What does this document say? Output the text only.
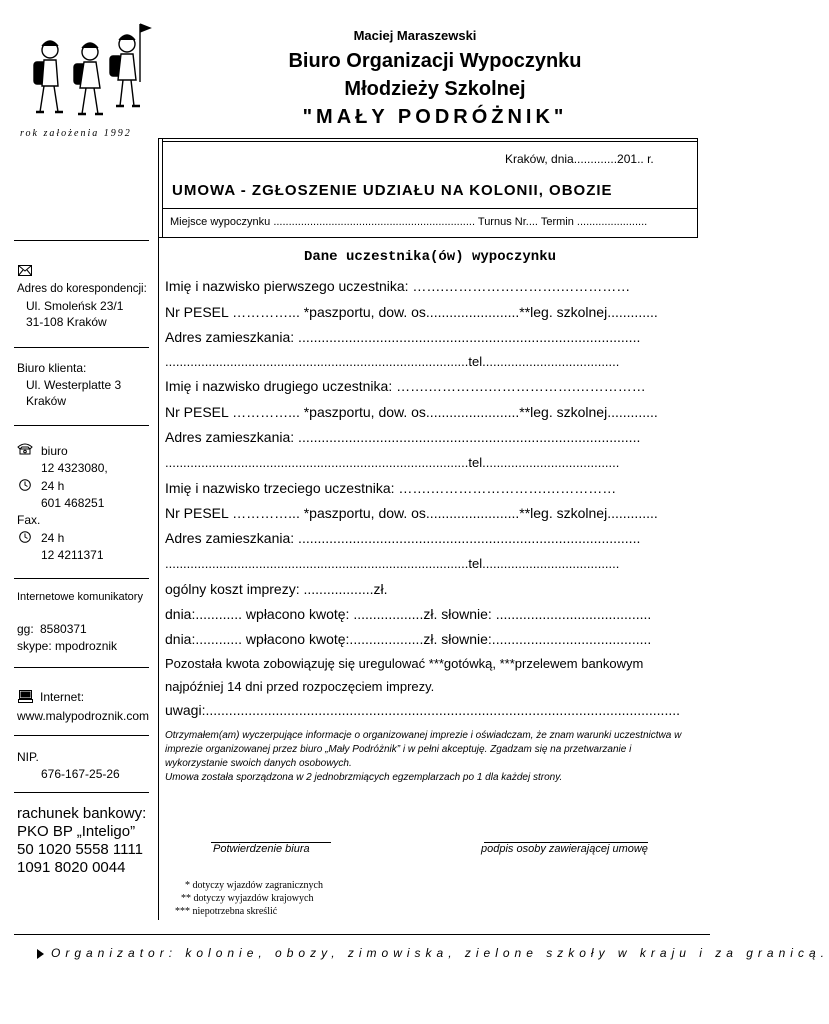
Maciej Maraszewski
Biuro Organizacji Wypoczynku
Młodzieży Szkolnej
"MAŁY PODRÓŻNIK"
rok założenia 1992
Kraków, dnia.............201.. r.
UMOWA - ZGŁOSZENIE UDZIAŁU NA KOLONII, OBOZIE
Miejsce wypoczynku .................................................................. Turnus Nr.... Termin .......................
Dane uczestnika(ów) wypoczynku
Imię i nazwisko pierwszego uczestnika: …….…………………….……………
Nr PESEL …………... *paszportu, dow. os........................**leg. szkolnej.............
Adres zamieszkania: ........................................................................................
....................................................................................tel......................................
Imię i nazwisko drugiego uczestnika: …….………….……………….……………
Nr PESEL …………... *paszportu, dow. os........................**leg. szkolnej.............
Adres zamieszkania: ........................................................................................
....................................................................................tel......................................
Imię i nazwisko trzeciego uczestnika: …….…………………….……………
Nr PESEL …………... *paszportu, dow. os........................**leg. szkolnej.............
Adres zamieszkania: ........................................................................................
....................................................................................tel......................................
ogólny koszt imprezy: ..................zł.
dnia:............ wpłacono kwotę: ..................zł. słownie: ........................................
dnia:............ wpłacono kwotę:...................zł. słownie:.........................................
Pozostała kwota zobowiązuję się uregulować ***gotówką, ***przelewem bankowym
najpóźniej 14 dni przed rozpoczęciem imprezy.
uwagi:..........................................................................................................................
Otrzymałem(am) wyczerpujące informacje o organizowanej imprezie i oświadczam, że znam warunki uczestnictwa w imprezie organizowanej przez biuro „Mały Podróżnik” i w pełni akceptuję. Zgadzam się na przetwarzanie i wykorzystanie swoich danych osobowych.
Umowa została sporządzona w 2 jednobrzmiących egzemplarzach po 1 dla każdej strony.
Potwierdzenie biura	podpis osoby zawierającej umowę
* dotyczy wjazdów zagranicznych
** dotyczy wyjazdów krajowych
*** niepotrzebna skreślić
Adres do korespondencji:
Ul. Smoleńsk 23/1
31-108 Kraków
Biuro klienta:
Ul. Westerplatte 3
Kraków
biuro
12 4323080,
24 h
601 468251
Fax.
24 h
12 4211371
Internetowe komunikatory
gg: 8580371
skype: mpodroznik
Internet:
www.malypodroznik.com
NIP.
676-167-25-26
rachunek bankowy:
PKO BP „Inteligo”
50 1020 5558 1111
1091 8020 0044
Organizator: kolonie, obozy, zimowiska, zielone szkoły w kraju i za granicą.
